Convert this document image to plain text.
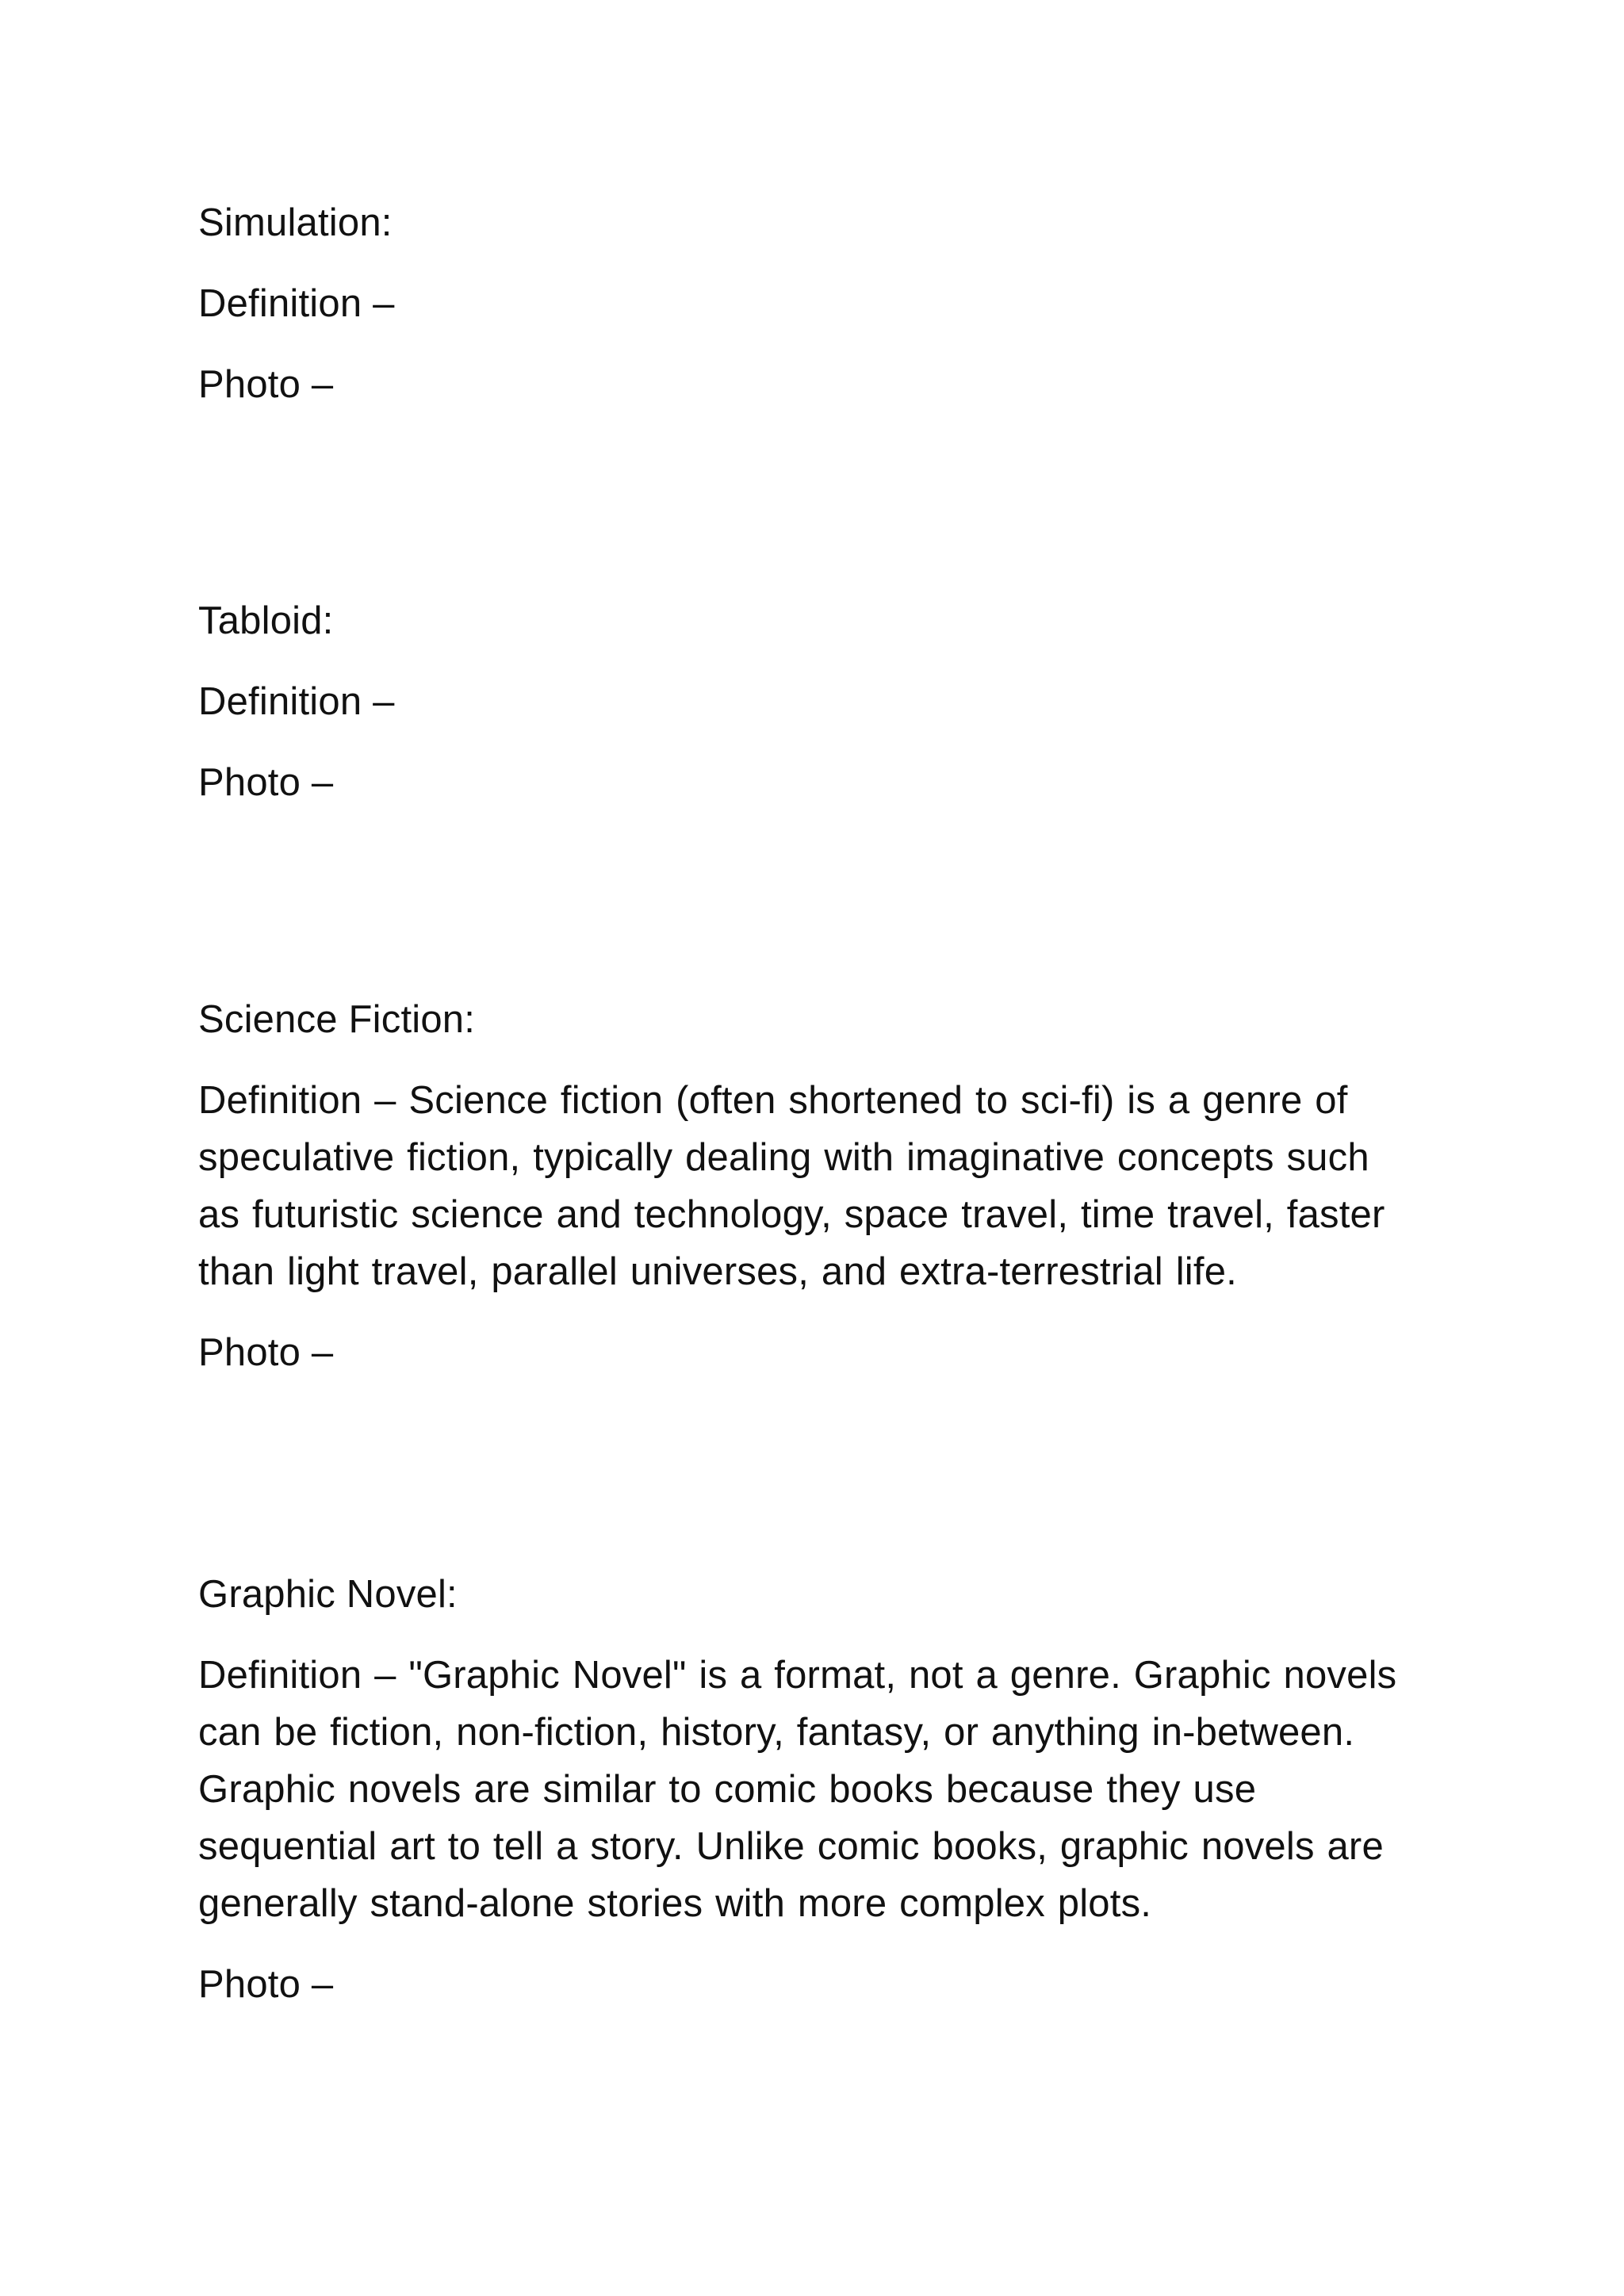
Simulation:

Definition –

Photo –

Tabloid:

Definition –

Photo –

Science Fiction:

Definition – Science fiction (often shortened to sci-fi) is a genre of
speculative fiction, typically dealing with imaginative concepts such
as futuristic science and technology, space travel, time travel, faster
than light travel, parallel universes, and extra-terrestrial life.

Photo –

Graphic Novel:

Definition – "Graphic Novel" is a format, not a genre. Graphic novels
can be fiction, non-fiction, history, fantasy, or anything in-between.
Graphic novels are similar to comic books because they use
sequential art to tell a story. Unlike comic books, graphic novels are
generally stand-alone stories with more complex plots.

Photo –
